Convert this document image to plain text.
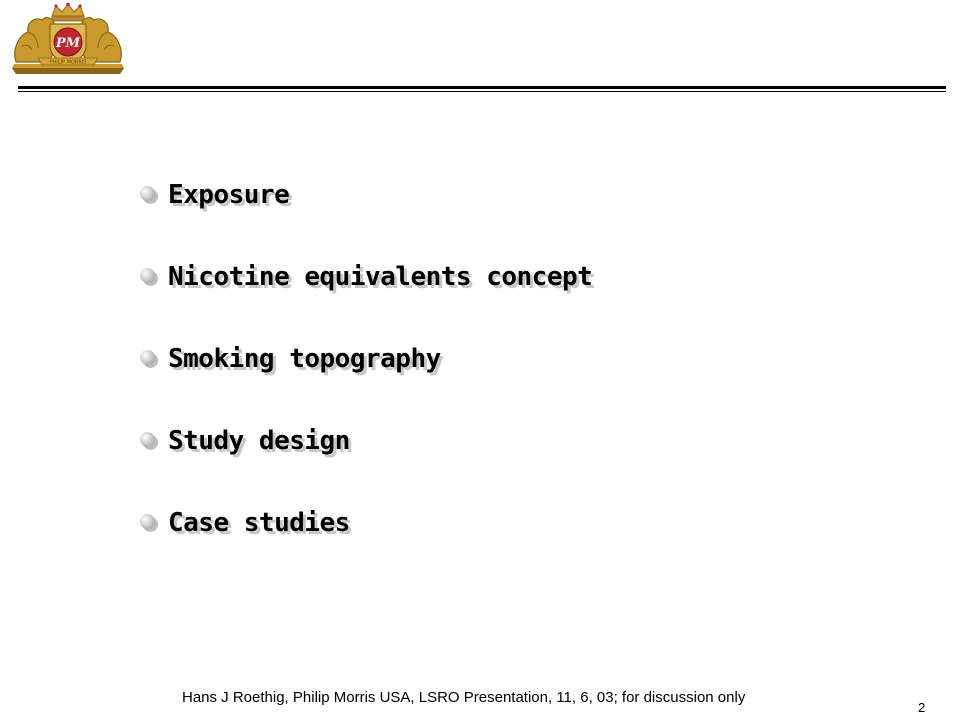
PM
PHILIP MORRIS
Exposure
Nicotine equivalents concept
Smoking topography
Study design
Case studies
Hans J Roethig, Philip Morris USA, LSRO Presentation, 11, 6, 03; for discussion only
2
